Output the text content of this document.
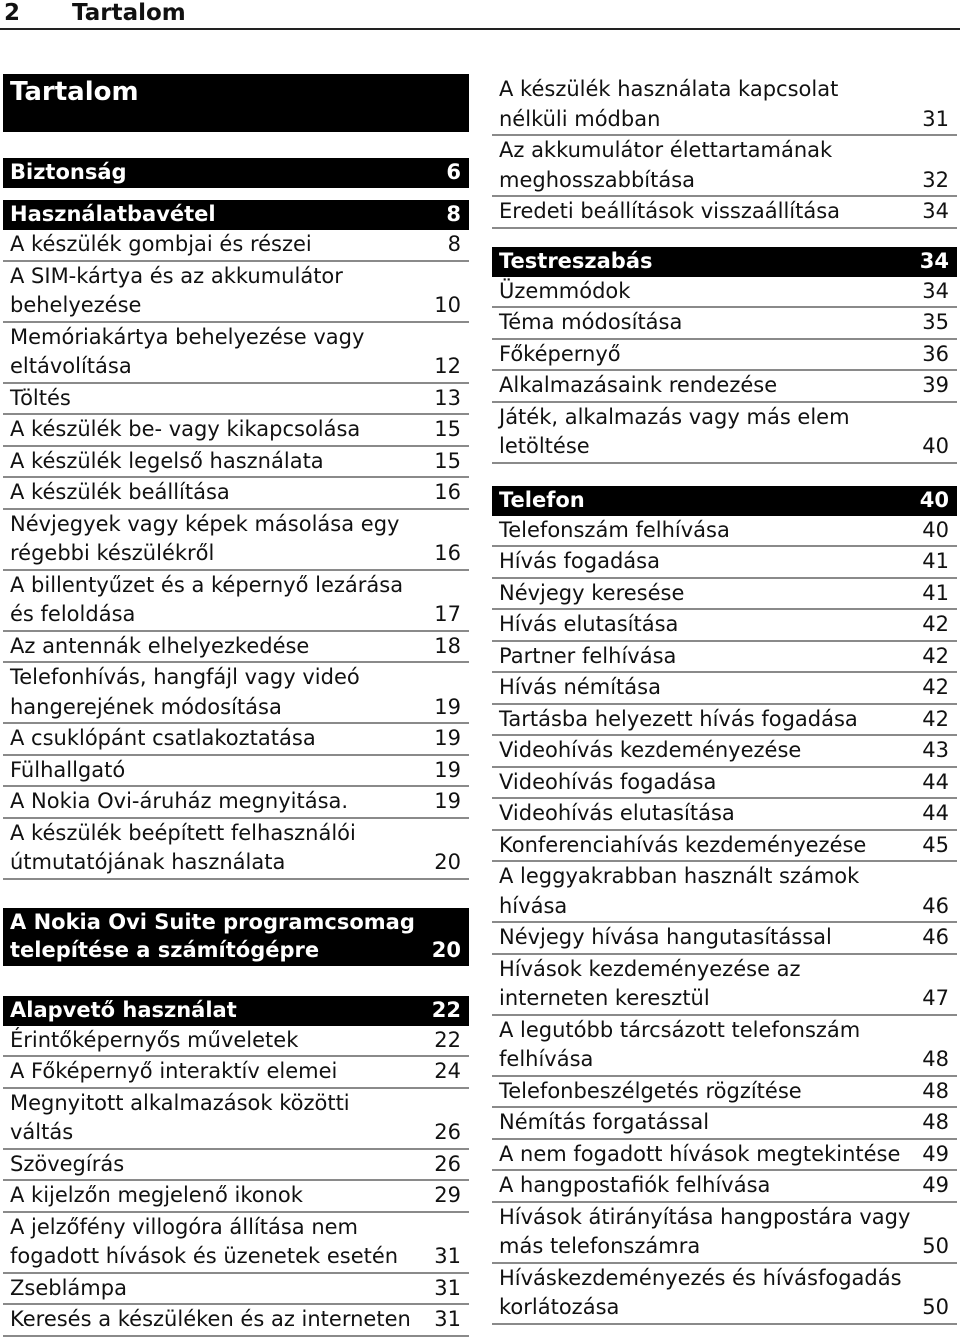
2 Tartalom
Tartalom
Biztonság	6
Használatbavétel	8
A készülék gombjai és részei	8
A SIM-kártya és az akkumulátor
behelyezése	10
Memóriakártya behelyezése vagy
eltávolítása	12
Töltés	13
A készülék be- vagy kikapcsolása	15
A készülék legelső használata	15
A készülék beállítása	16
Névjegyek vagy képek másolása egy
régebbi készülékről	16
A billentyűzet és a képernyő lezárása
és feloldása	17
Az antennák elhelyezkedése	18
Telefonhívás, hangfájl vagy videó
hangerejének módosítása	19
A csuklópánt csatlakoztatása	19
Fülhallgató	19
A Nokia Ovi-áruház megnyitása.	19
A készülék beépített felhasználói
útmutatójának használata	20
A Nokia Ovi Suite programcsomag
telepítése a számítógépre	20
Alapvető használat	22
Érintőképernyős műveletek	22
A Főképernyő interaktív elemei	24
Megnyitott alkalmazások közötti
váltás	26
Szövegírás	26
A kijelzőn megjelenő ikonok	29
A jelzőfény villogóra állítása nem
fogadott hívások és üzenetek esetén	31
Zseblámpa	31
Keresés a készüléken és az interneten	31
A készülék használata kapcsolat
nélküli módban	31
Az akkumulátor élettartamának
meghosszabbítása	32
Eredeti beállítások visszaállítása	34
Testreszabás	34
Üzemmódok	34
Téma módosítása	35
Főképernyő	36
Alkalmazásaink rendezése	39
Játék, alkalmazás vagy más elem
letöltése	40
Telefon	40
Telefonszám felhívása	40
Hívás fogadása	41
Névjegy keresése	41
Hívás elutasítása	42
Partner felhívása	42
Hívás némítása	42
Tartásba helyezett hívás fogadása	42
Videohívás kezdeményezése	43
Videohívás fogadása	44
Videohívás elutasítása	44
Konferenciahívás kezdeményezése	45
A leggyakrabban használt számok
hívása	46
Névjegy hívása hangutasítással	46
Hívások kezdeményezése az
interneten keresztül	47
A legutóbb tárcsázott telefonszám
felhívása	48
Telefonbeszélgetés rögzítése	48
Némítás forgatással	48
A nem fogadott hívások megtekintése	49
A hangpostafiók felhívása	49
Hívások átirányítása hangpostára vagy
más telefonszámra	50
Híváskezdeményezés és hívásfogadás
korlátozása	50
